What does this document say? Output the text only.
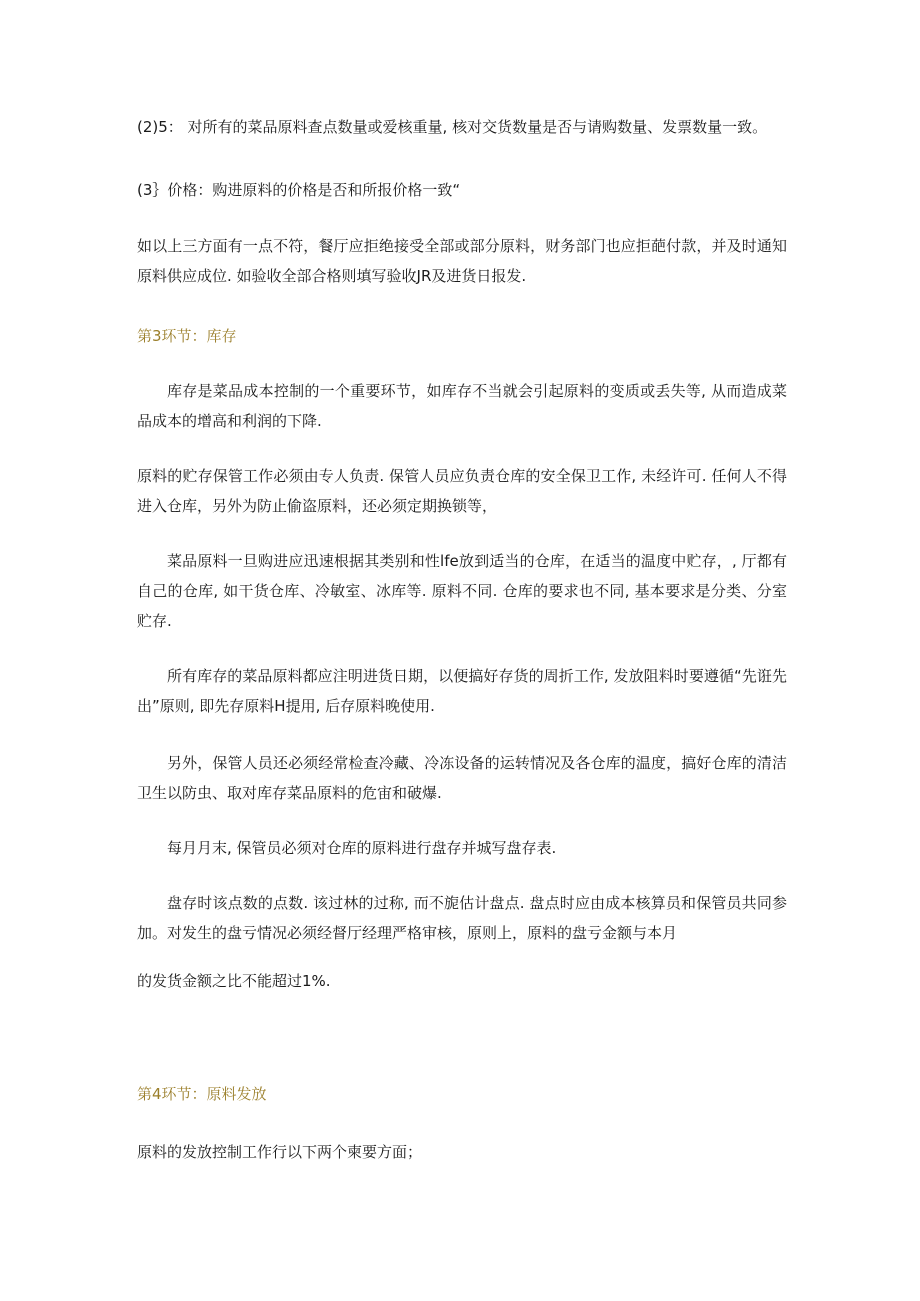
(2)5： 对所有的菜品原料查点数量或爱核重量, 核对交货数量是否与请购数量、发票数量一致。
(3｝价格：购进原料的价格是否和所报价格一致“
如以上三方面有一点不符，餐厅应拒绝接受全部或部分原料，财务部门也应拒葩付款，并及时通知原料供应成位. 如验收全部合格则填写验收JR及进货日报发.
第3环节：库存
库存是菜品成本控制的一个重要环节，如库存不当就会引起原料的变质或丢失等, 从而造成菜品成本的增高和利润的下降.
原料的贮存保管工作必须由专人负责. 保管人员应负责仓库的安全保卫工作, 未经许可. 任何人不得进入仓库，另外为防止偷盗原料，还必须定期换锁等，
菜品原料一旦购进应迅速根据其类别和性lfe放到适当的仓库，在适当的温度中贮存，, 厅都有自己的仓库, 如干货仓库、冷敏室、冰库等. 原料不同. 仓库的要求也不同, 基本要求是分类、分室贮存.
所有库存的菜品原料都应注明进货日期，以便搞好存货的周折工作, 发放阻料时要遵循“先诳先出”原则, 即先存原料H提用, 后存原料晚使用.
另外，保管人员还必须经常检查冷藏、冷冻设备的运转情况及各仓库的温度，搞好仓库的清洁卫生以防虫、取对库存菜品原料的危宙和破爆.
每月月末, 保管员必须对仓库的原料进行盘存并城写盘存表.
盘存时该点数的点数. 该过林的过称, 而不旎估计盘点. 盘点时应由成本核算员和保管员共同参加。对发生的盘亏情况必须经督厅经理严格审核，原则上，原料的盘亏金额与本月
的发货金额之比不能超过1%.
第4环节：原料发放
原料的发放控制工作行以下两个柬要方面；
